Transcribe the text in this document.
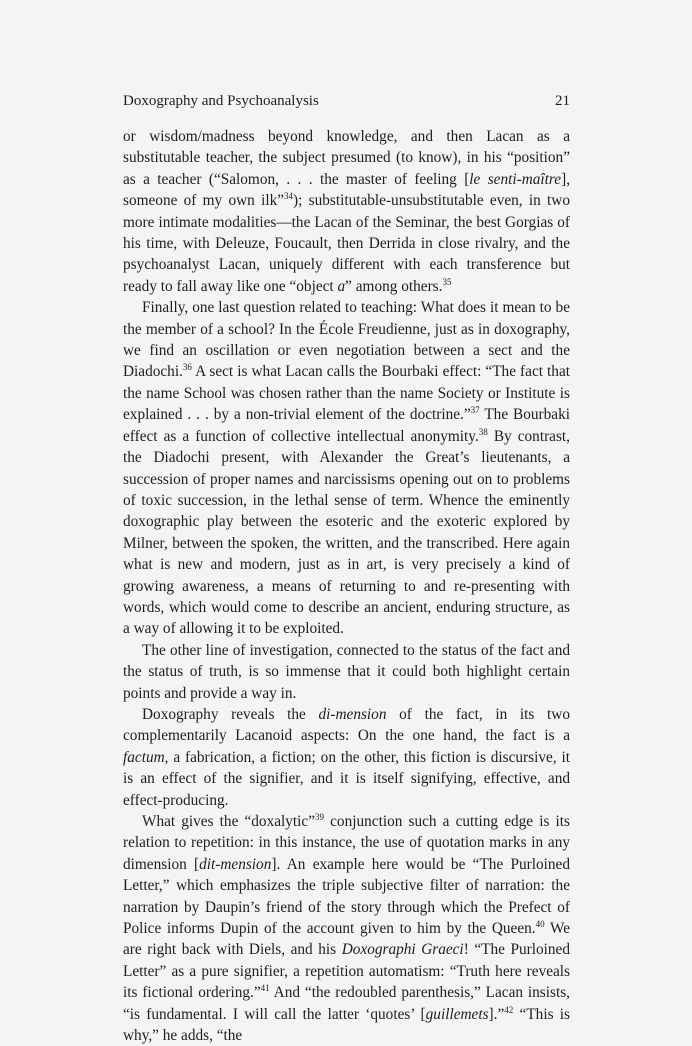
Doxography and Psychoanalysis	21

or wisdom/madness beyond knowledge, and then Lacan as a substitutable teacher, the subject presumed (to know), in his “position” as a teacher (“Salomon, . . . the master of feeling [le senti-maître], someone of my own ilk”$^{34}$); substitutable-unsubstitutable even, in two more intimate modalities—the Lacan of the Seminar, the best Gorgias of his time, with Deleuze, Foucault, then Derrida in close rivalry, and the psychoanalyst Lacan, uniquely different with each transference but ready to fall away like one “object a” among others.$^{35}$

Finally, one last question related to teaching: What does it mean to be the member of a school? In the École Freudienne, just as in doxography, we find an oscillation or even negotiation between a sect and the Diadochi.$^{36}$ A sect is what Lacan calls the Bourbaki effect: “The fact that the name School was chosen rather than the name Society or Institute is explained . . . by a non-trivial element of the doctrine.”$^{37}$ The Bourbaki effect as a function of collective intellectual anonymity.$^{38}$ By contrast, the Diadochi present, with Alexander the Great’s lieutenants, a succession of proper names and narcissisms opening out on to problems of toxic succession, in the lethal sense of term. Whence the eminently doxographic play between the esoteric and the exoteric explored by Milner, between the spoken, the written, and the transcribed. Here again what is new and modern, just as in art, is very precisely a kind of growing awareness, a means of returning to and re-presenting with words, which would come to describe an ancient, enduring structure, as a way of allowing it to be exploited.

The other line of investigation, connected to the status of the fact and the status of truth, is so immense that it could both highlight certain points and provide a way in.

Doxography reveals the di-mension of the fact, in its two complementarily Lacanoid aspects: On the one hand, the fact is a factum, a fabrication, a fiction; on the other, this fiction is discursive, it is an effect of the signifier, and it is itself signifying, effective, and effect-producing.

What gives the “doxalytic”$^{39}$ conjunction such a cutting edge is its relation to repetition: in this instance, the use of quotation marks in any dimension [dit-mension]. An example here would be “The Purloined Letter,” which emphasizes the triple subjective filter of narration: the narration by Daupin’s friend of the story through which the Prefect of Police informs Dupin of the account given to him by the Queen.$^{40}$ We are right back with Diels, and his Doxographi Graeci! “The Purloined Letter” as a pure signifier, a repetition automatism: “Truth here reveals its fictional ordering.”$^{41}$ And “the redoubled parenthesis,” Lacan insists, “is fundamental. I will call the latter ‘quotes’ [guillemets].”$^{42}$ “This is why,” he adds, “the
